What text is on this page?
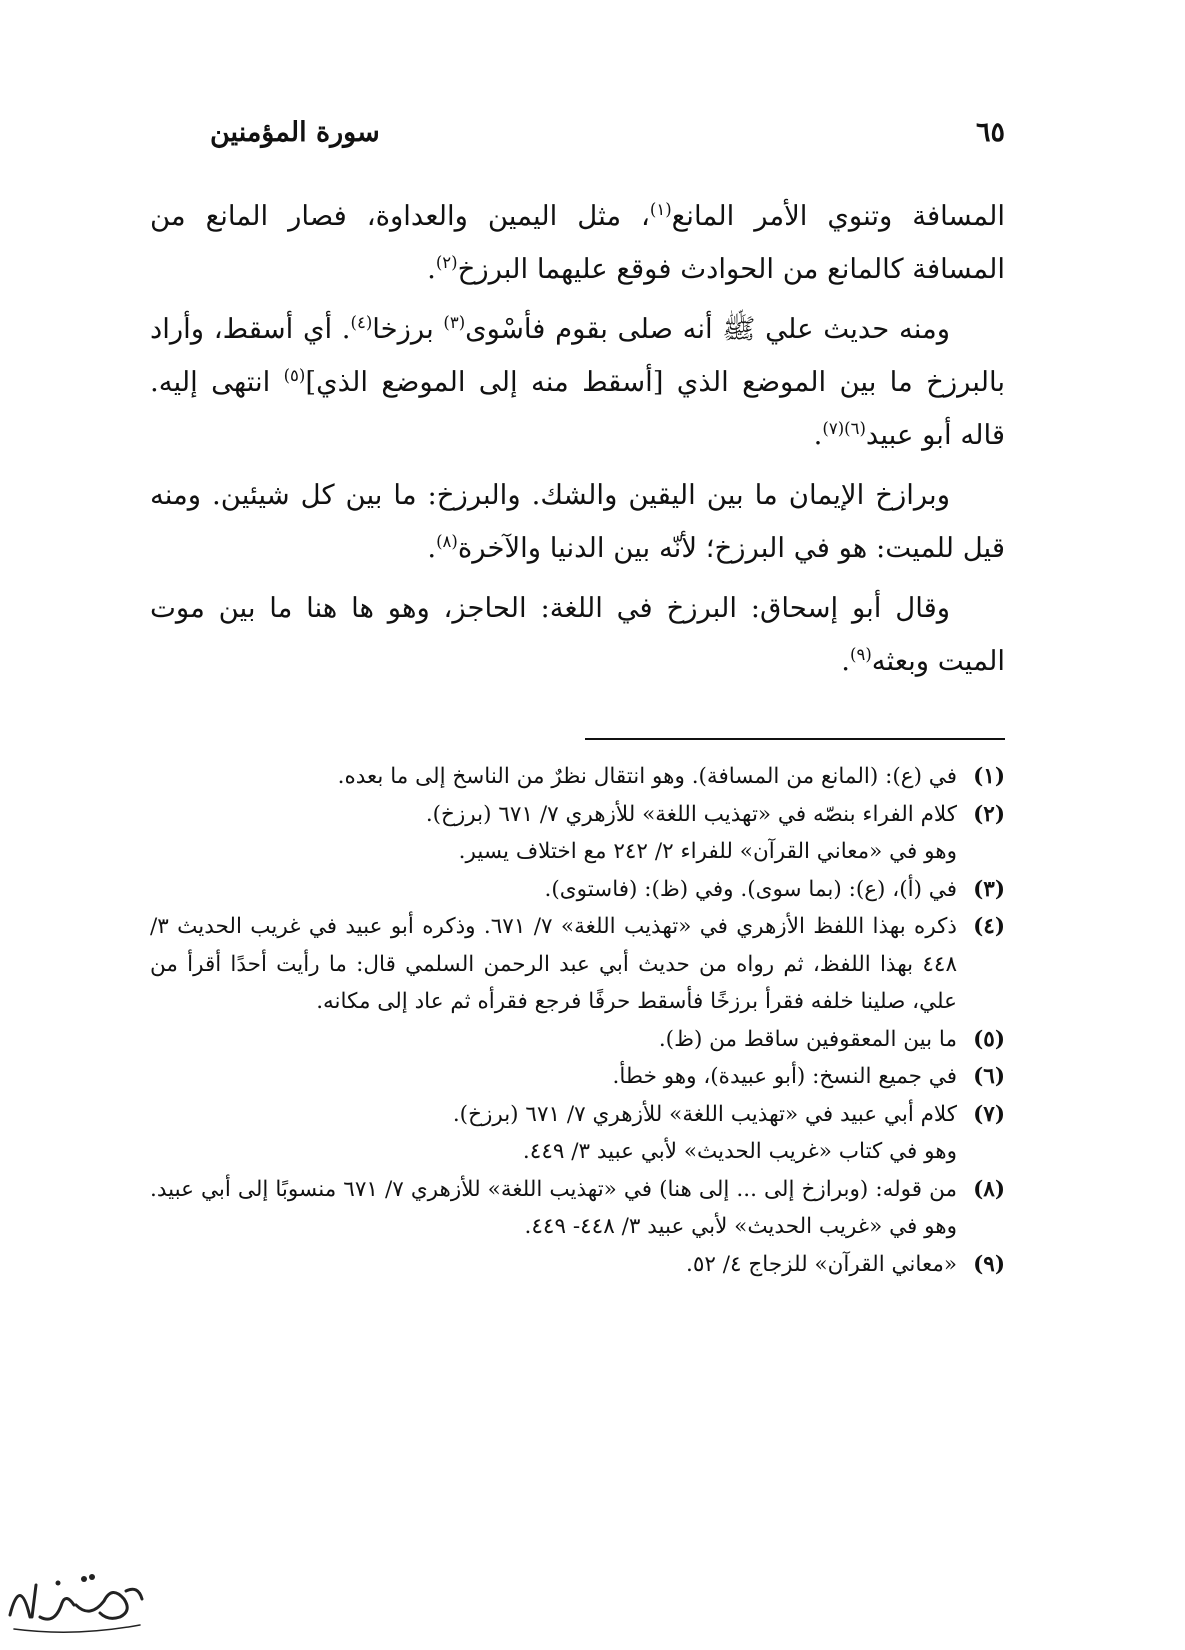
٦٥
سورة المؤمنين

المسافة وتنوي الأمر المانع$^{(١)}$، مثل اليمين والعداوة، فصار المانع من المسافة كالمانع من الحوادث فوقع عليهما البرزخ$^{(٢)}$.

ومنه حديث علي ﷺ أنه صلى بقوم فأسْوى$^{(٣)}$ برزخا$^{(٤)}$. أي أسقط، وأراد بالبرزخ ما بين الموضع الذي [أسقط منه إلى الموضع الذي]$^{(٥)}$ انتهى إليه. قاله أبو عبيد$^{(٦)(٧)}$.

وبرازخ الإيمان ما بين اليقين والشك. والبرزخ: ما بين كل شيئين. ومنه قيل للميت: هو في البرزخ؛ لأنّه بين الدنيا والآخرة$^{(٨)}$.

وقال أبو إسحاق: البرزخ في اللغة: الحاجز، وهو ها هنا ما بين موت الميت وبعثه$^{(٩)}$.

(١)
في (ع): (المانع من المسافة). وهو انتقال نظرٌ من الناسخ إلى ما بعده.
(٢)
كلام الفراء بنصّه في «تهذيب اللغة» للأزهري ٧/ ٦٧١ (برزخ).
وهو في «معاني القرآن» للفراء ٢/ ٢٤٢ مع اختلاف يسير.
(٣)
في (أ)، (ع): (بما سوى). وفي (ظ): (فاستوى).
(٤)
ذكره بهذا اللفظ الأزهري في «تهذيب اللغة» ٧/ ٦٧١. وذكره أبو عبيد في غريب الحديث ٣/ ٤٤٨ بهذا اللفظ، ثم رواه من حديث أبي عبد الرحمن السلمي قال: ما رأيت أحدًا أقرأ من علي، صلينا خلفه فقرأ برزخًا فأسقط حرفًا فرجع فقرأه ثم عاد إلى مكانه.
(٥)
ما بين المعقوفين ساقط من (ظ).
(٦)
في جميع النسخ: (أبو عبيدة)، وهو خطأ.
(٧)
كلام أبي عبيد في «تهذيب اللغة» للأزهري ٧/ ٦٧١ (برزخ).
وهو في كتاب «غريب الحديث» لأبي عبيد ٣/ ٤٤٩.
(٨)
من قوله: (وبرازخ إلى ... إلى هنا) في «تهذيب اللغة» للأزهري ٧/ ٦٧١ منسوبًا إلى أبي عبيد. وهو في «غريب الحديث» لأبي عبيد ٣/ ٤٤٨- ٤٤٩.
(٩)
«معاني القرآن» للزجاج ٤/ ٥٢.
